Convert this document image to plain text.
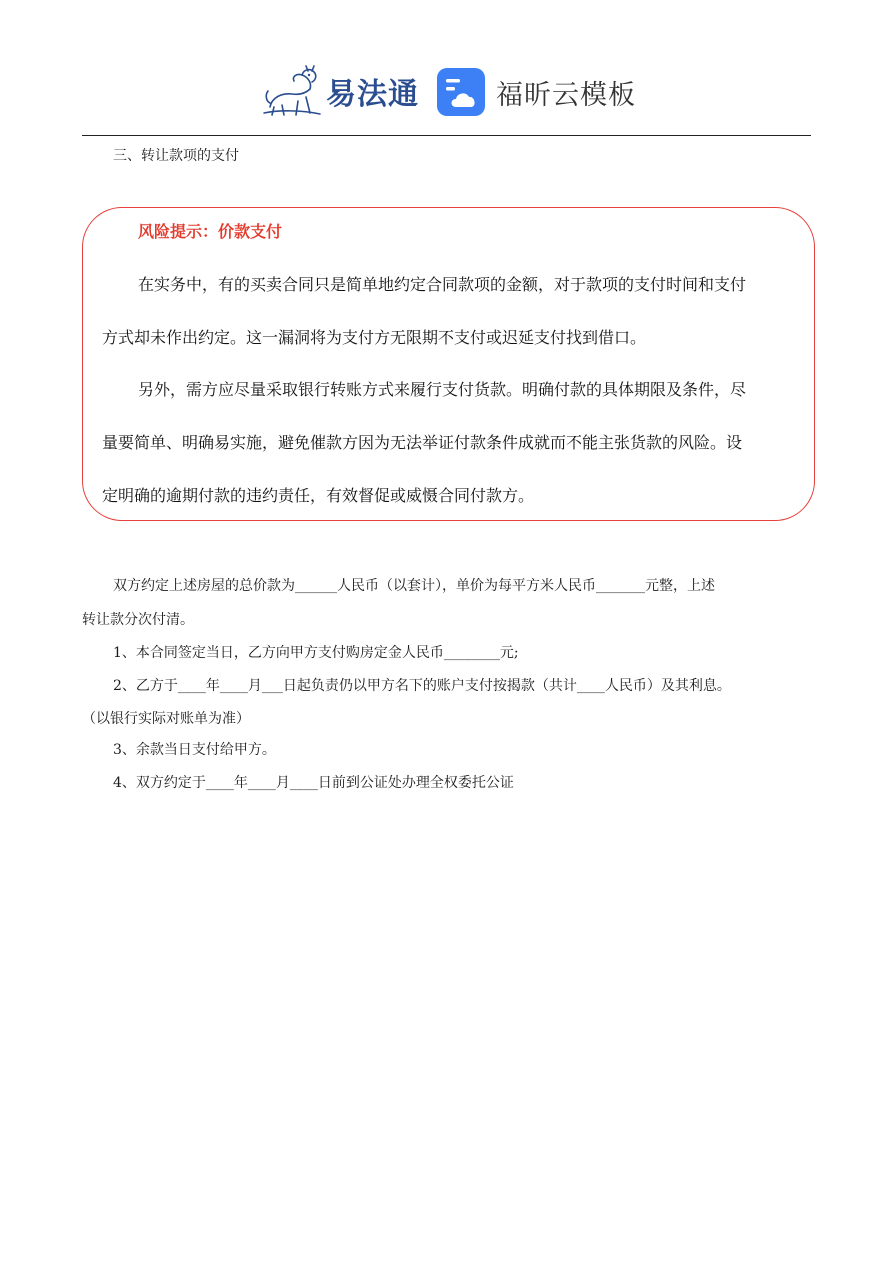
易法通	福昕云模板
三、转让款项的支付
风险提示：价款支付
在实务中，有的买卖合同只是简单地约定合同款项的金额，对于款项的支付时间和支付
方式却未作出约定。这一漏洞将为支付方无限期不支付或迟延支付找到借口。
另外，需方应尽量采取银行转账方式来履行支付货款。明确付款的具体期限及条件，尽
量要简单、明确易实施，避免催款方因为无法举证付款条件成就而不能主张货款的风险。设
定明确的逾期付款的违约责任，有效督促或威慑合同付款方。
双方约定上述房屋的总价款为______人民币（以套计），单价为每平方米人民币_______元整，上述
转让款分次付清。
1、本合同签定当日，乙方向甲方支付购房定金人民币________元;
2、乙方于____年____月___日起负责仍以甲方名下的账户支付按揭款（共计____人民币）及其利息。
（以银行实际对账单为准）
3、余款当日支付给甲方。
4、双方约定于____年____月____日前到公证处办理全权委托公证
